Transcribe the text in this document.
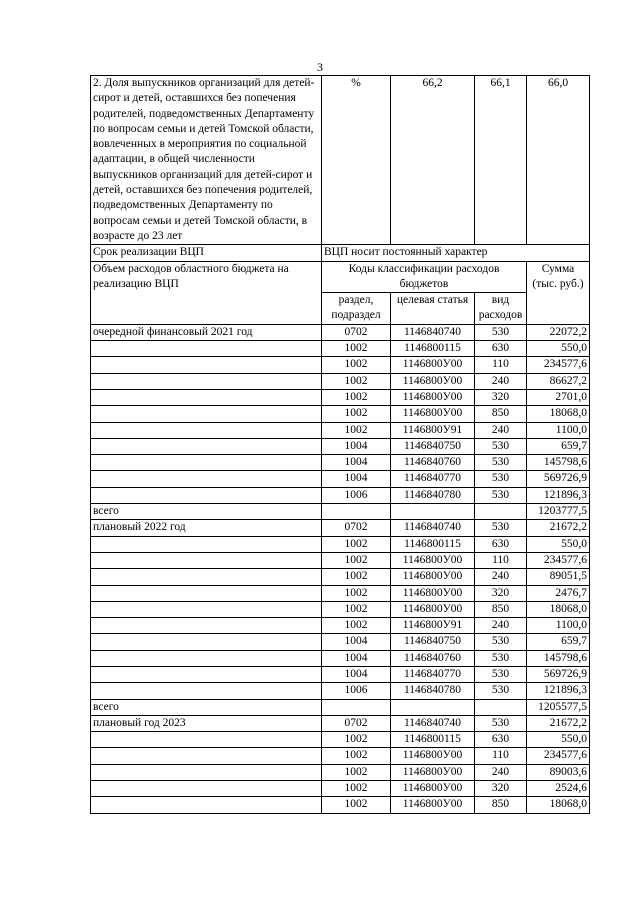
3
2. Доля выпускников организаций для детей-сирот и детей, оставшихся без попечения родителей, подведомственных Департаменту по вопросам семьи и детей Томской области, вовлеченных в мероприятия по социальной адаптации, в общей численности выпускников организаций для детей-сирот и детей, оставшихся без попечения родителей, подведомственных Департаменту по вопросам семьи и детей Томской области, в возрасте до 23 лет	%	66,2	66,1	66,0
Срок реализации ВЦП	ВЦП носит постоянный характер			
Объем расходов областного бюджета на реализацию ВЦП	Коды классификации расходов бюджетов			Сумма (тыс. руб.)
	раздел, подраздел	целевая статья	вид расходов	
очередной финансовый 2021 год	0702	1146840740	530	22072,2
	1002	1146800115	630	550,0
	1002	1146800У00	110	234577,6
	1002	1146800У00	240	86627,2
	1002	1146800У00	320	2701,0
	1002	1146800У00	850	18068,0
	1002	1146800У91	240	1100,0
	1004	1146840750	530	659,7
	1004	1146840760	530	145798,6
	1004	1146840770	530	569726,9
	1006	1146840780	530	121896,3
всего				1203777,5
плановый 2022 год	0702	1146840740	530	21672,2
	1002	1146800115	630	550,0
	1002	1146800У00	110	234577,6
	1002	1146800У00	240	89051,5
	1002	1146800У00	320	2476,7
	1002	1146800У00	850	18068,0
	1002	1146800У91	240	1100,0
	1004	1146840750	530	659,7
	1004	1146840760	530	145798,6
	1004	1146840770	530	569726,9
	1006	1146840780	530	121896,3
всего				1205577,5
плановый год 2023	0702	1146840740	530	21672,2
	1002	1146800115	630	550,0
	1002	1146800У00	110	234577,6
	1002	1146800У00	240	89003,6
	1002	1146800У00	320	2524,6
	1002	1146800У00	850	18068,0
